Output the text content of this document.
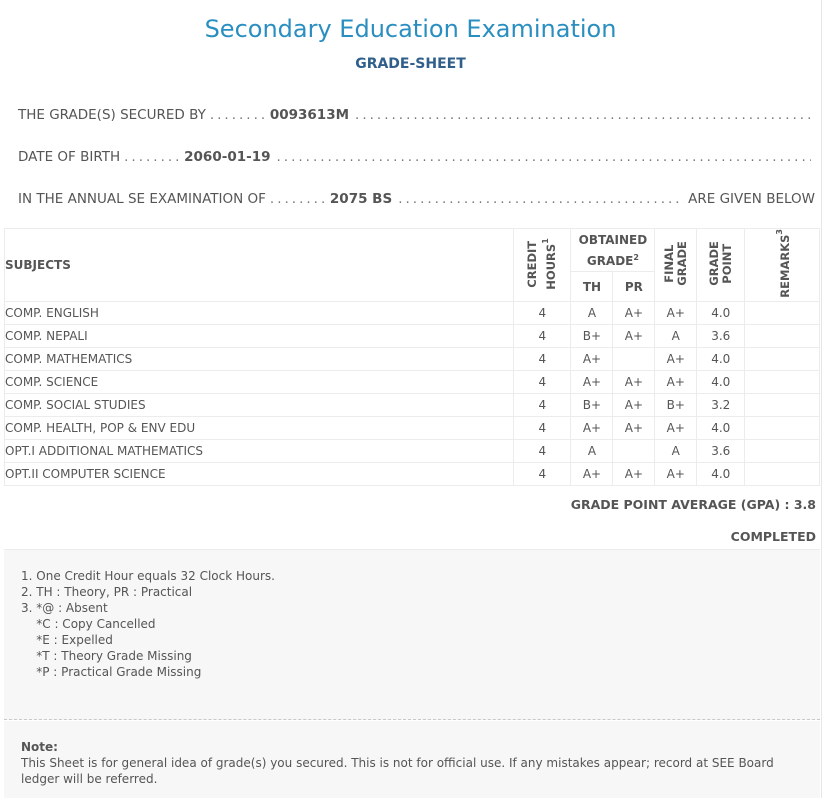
Secondary Education Examination
GRADE-SHEET
THE GRADE(S) SECURED BY .....	0093613M
.....
DATE OF BIRTH .....	2060-01-19
.....
IN THE ANNUAL SE EXAMINATION OF .....	2075 BS .....	ARE GIVEN BELOW
SUBJECTS	CREDIT HOURS$^1$	OBTAINED GRADE$^2$		FINAL GRADE	GRADE POINT	REMARKS$^3$
		TH	PR			
COMP. ENGLISH	4	A	A+	A+	4.0	
COMP. NEPALI	4	B+	A+	A	3.6	
COMP. MATHEMATICS	4	A+		A+	4.0	
COMP. SCIENCE	4	A+	A+	A+	4.0	
COMP. SOCIAL STUDIES	4	B+	A+	B+	3.2	
COMP. HEALTH, POP & ENV EDU	4	A+	A+	A+	4.0	
OPT.I ADDITIONAL MATHEMATICS	4	A		A	3.6	
OPT.II COMPUTER SCIENCE	4	A+	A+	A+	4.0	
GRADE POINT AVERAGE (GPA) : 3.8
COMPLETED
1. One Credit Hour equals 32 Clock Hours.
2. TH : Theory, PR : Practical
3. *@ : Absent
*C : Copy Cancelled
*E : Expelled
*T : Theory Grade Missing
*P : Practical Grade Missing
Note:
This Sheet is for general idea of grade(s) you secured. This is not for official use. If any mistakes appear; record at SEE Board ledger will be referred.
